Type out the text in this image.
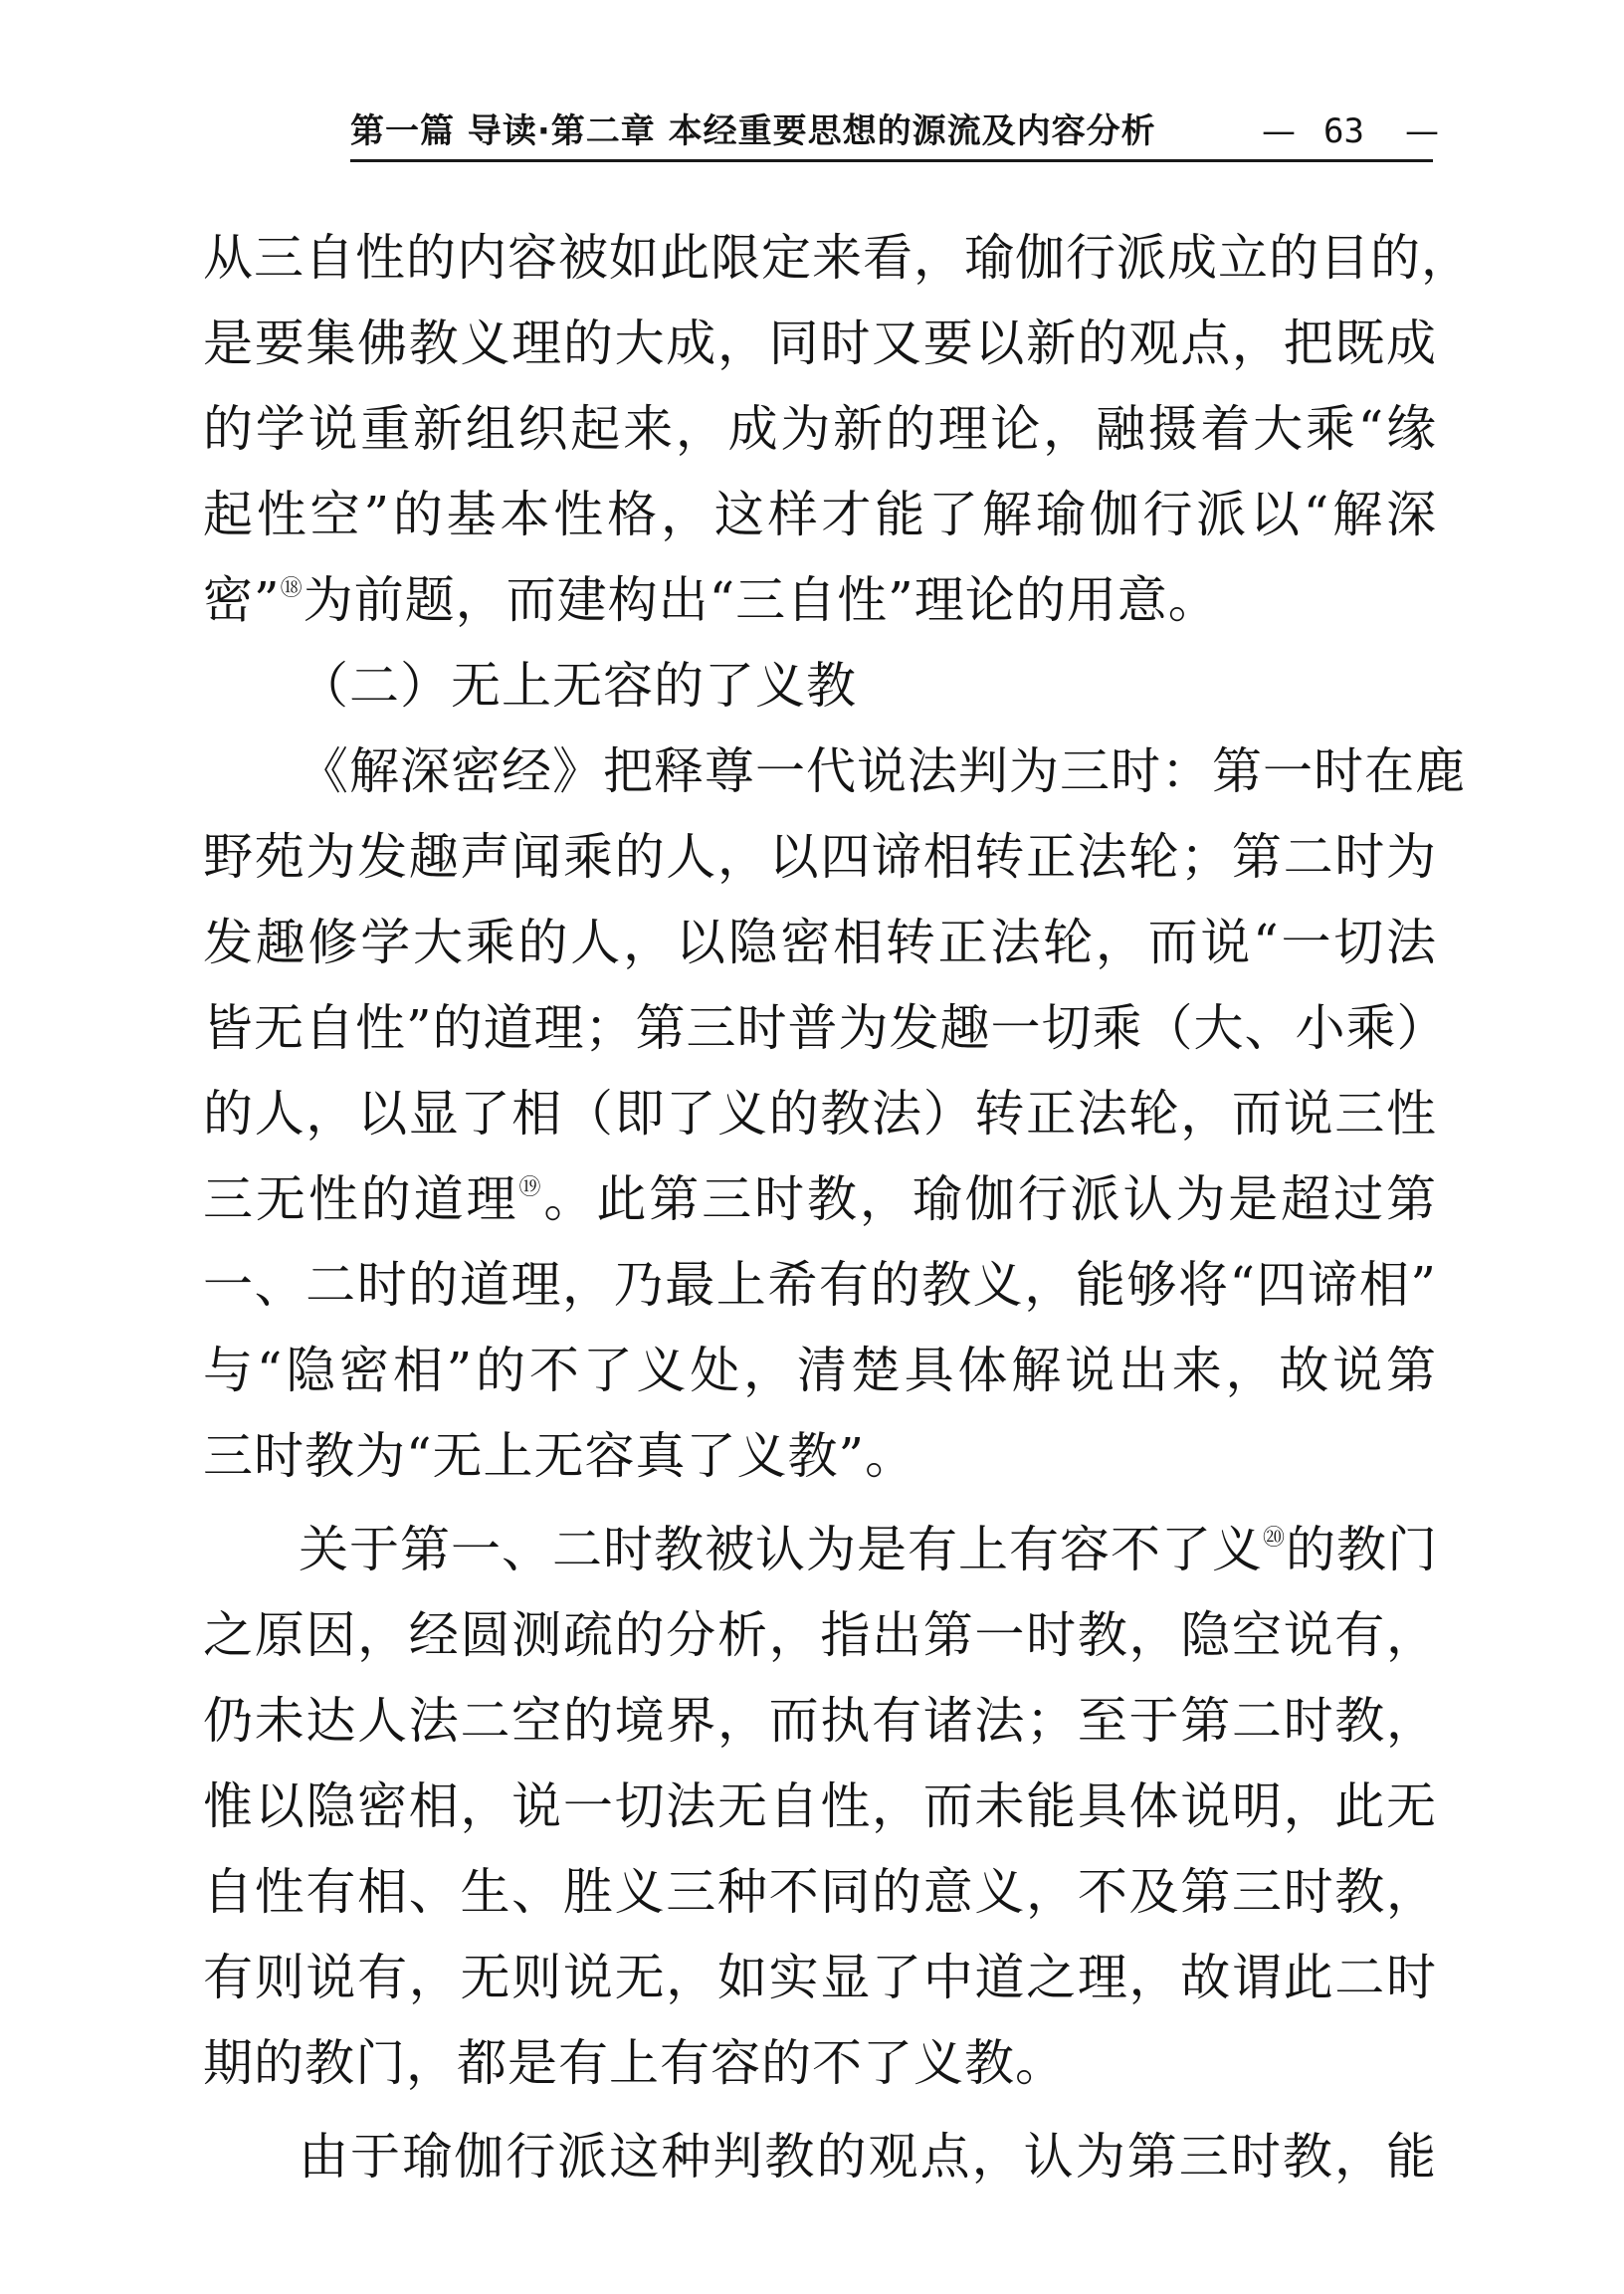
第一篇 导读·第二章 本经重要思想的源流及内容分析	— 63 —
从三自性的内容被如此限定来看，瑜伽行派成立的目的，
是要集佛教义理的大成，同时又要以新的观点，把既成
的学说重新组织起来，成为新的理论，融摄着大乘“缘
起性空”的基本性格，这样才能了解瑜伽行派以“解深
密”⑱为前题，而建构出“三自性”理论的用意。
（二）无上无容的了义教
《解深密经》把释尊一代说法判为三时：第一时在鹿
野苑为发趣声闻乘的人，以四谛相转正法轮；第二时为
发趣修学大乘的人，以隐密相转正法轮，而说“一切法
皆无自性”的道理；第三时普为发趣一切乘（大、小乘）
的人，以显了相（即了义的教法）转正法轮，而说三性
三无性的道理⑲。此第三时教，瑜伽行派认为是超过第
一、二时的道理，乃最上希有的教义，能够将“四谛相”
与“隐密相”的不了义处，清楚具体解说出来，故说第
三时教为“无上无容真了义教”。
关于第一、二时教被认为是有上有容不了义⑳的教门
之原因，经圆测疏的分析，指出第一时教，隐空说有，
仍未达人法二空的境界，而执有诸法；至于第二时教，
惟以隐密相，说一切法无自性，而未能具体说明，此无
自性有相、生、胜义三种不同的意义，不及第三时教，
有则说有，无则说无，如实显了中道之理，故谓此二时
期的教门，都是有上有容的不了义教。
由于瑜伽行派这种判教的观点，认为第三时教，能
